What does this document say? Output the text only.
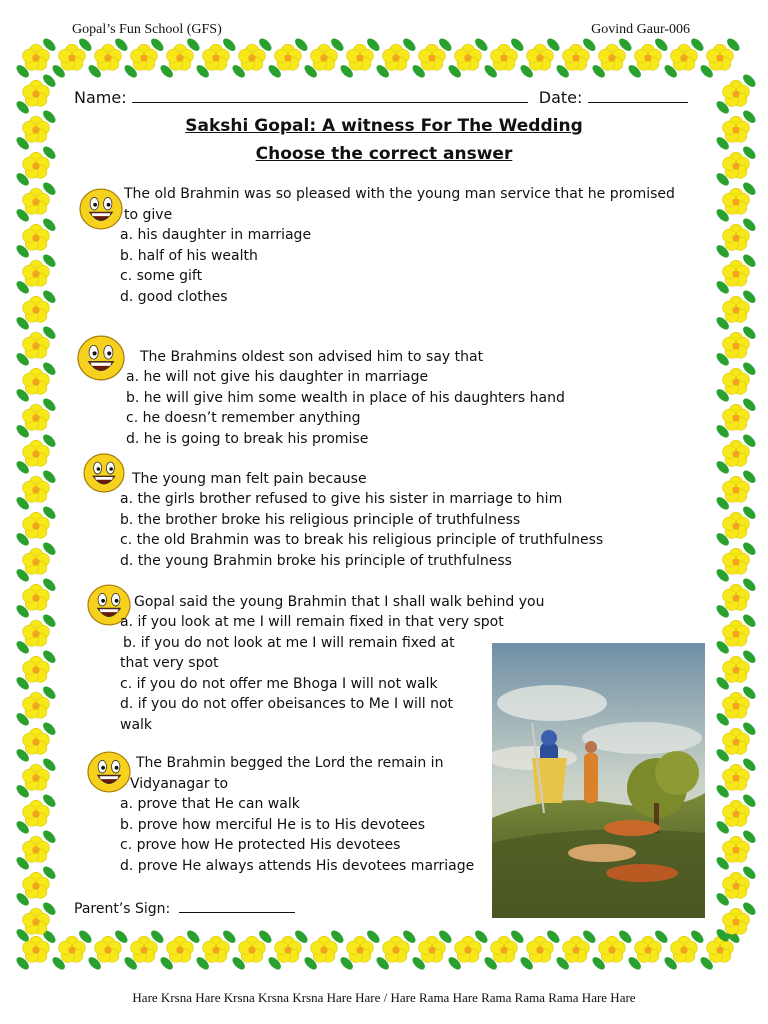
Gopal’s Fun School (GFS)	Govind Gaur-006
Name:	Date:
Sakshi Gopal: A witness For The Wedding
Choose the correct answer
The old Brahmin was so pleased with the young man service that he promised
to give
a. his daughter in marriage
b. half of his wealth
c. some gift
d. good clothes
The Brahmins oldest son advised him to say that
a. he will not give his daughter in marriage
b. he will give him some wealth in place of his daughters hand
c. he doesn’t remember anything
d. he is going to break his promise
The young man felt pain because
a. the girls brother refused to give his sister in marriage to him
b. the brother broke his religious principle of truthfulness
c. the old Brahmin was to break his religious principle of truthfulness
d. the young Brahmin broke his principle of truthfulness
Gopal said the young Brahmin that I shall walk behind you
a. if you look at me I will remain fixed in that very spot
b. if you do not look at me I will remain fixed at
that very spot
c. if you do not offer me Bhoga I will not walk
d. if you do not offer obeisances to Me I will not
walk
The Brahmin begged the Lord the remain in
Vidyanagar to
a. prove that He can walk
b. prove how merciful He is to His devotees
c. prove how He protected His devotees
d. prove He always attends His devotees marriage
Parent’s Sign:
Hare Krsna Hare Krsna Krsna Krsna Hare Hare / Hare Rama Hare Rama Rama Rama Hare Hare
